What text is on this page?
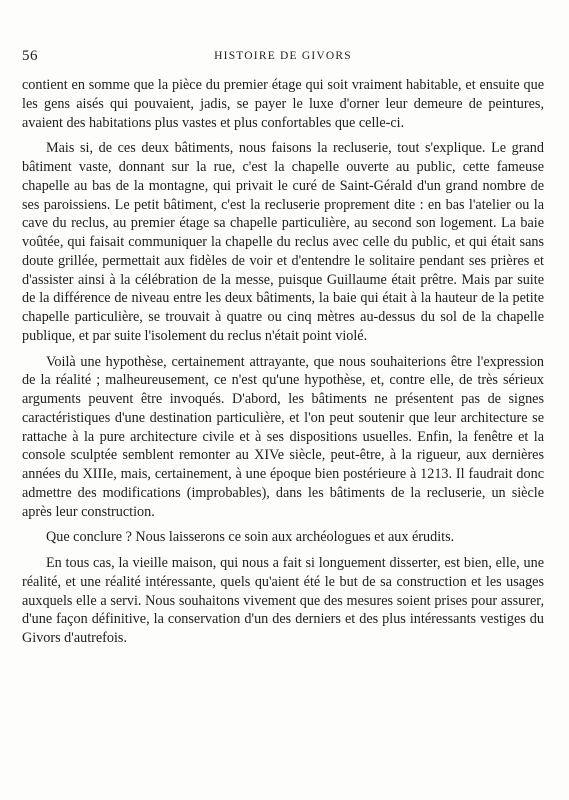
56	HISTOIRE DE GIVORS

contient en somme que la pièce du premier étage qui soit vraiment habitable, et ensuite que les gens aisés qui pouvaient, jadis, se payer le luxe d'orner leur demeure de peintures, avaient des habitations plus vastes et plus confortables que celle-ci.

Mais si, de ces deux bâtiments, nous faisons la recluserie, tout s'explique. Le grand bâtiment vaste, donnant sur la rue, c'est la chapelle ouverte au public, cette fameuse chapelle au bas de la montagne, qui privait le curé de Saint-Gérald d'un grand nombre de ses paroissiens. Le petit bâtiment, c'est la recluserie proprement dite : en bas l'atelier ou la cave du reclus, au premier étage sa chapelle particulière, au second son logement. La baie voûtée, qui faisait communiquer la chapelle du reclus avec celle du public, et qui était sans doute grillée, permettait aux fidèles de voir et d'entendre le solitaire pendant ses prières et d'assister ainsi à la célébration de la messe, puisque Guillaume était prêtre. Mais par suite de la différence de niveau entre les deux bâtiments, la baie qui était à la hauteur de la petite chapelle particulière, se trouvait à quatre ou cinq mètres au-dessus du sol de la chapelle publique, et par suite l'isolement du reclus n'était point violé.

Voilà une hypothèse, certainement attrayante, que nous souhaiterions être l'expression de la réalité ; malheureusement, ce n'est qu'une hypothèse, et, contre elle, de très sérieux arguments peuvent être invoqués. D'abord, les bâtiments ne présentent pas de signes caractéristiques d'une destination particulière, et l'on peut soutenir que leur architecture se rattache à la pure architecture civile et à ses dispositions usuelles. Enfin, la fenêtre et la console sculptée semblent remonter au XIVe siècle, peut-être, à la rigueur, aux dernières années du XIIIe, mais, certainement, à une époque bien postérieure à 1213. Il faudrait donc admettre des modifications (improbables), dans les bâtiments de la recluserie, un siècle après leur construction.

Que conclure ? Nous laisserons ce soin aux archéologues et aux érudits.

En tous cas, la vieille maison, qui nous a fait si longuement disserter, est bien, elle, une réalité, et une réalité intéressante, quels qu'aient été le but de sa construction et les usages auxquels elle a servi. Nous souhaitons vivement que des mesures soient prises pour assurer, d'une façon définitive, la conservation d'un des derniers et des plus intéressants vestiges du Givors d'autrefois.
